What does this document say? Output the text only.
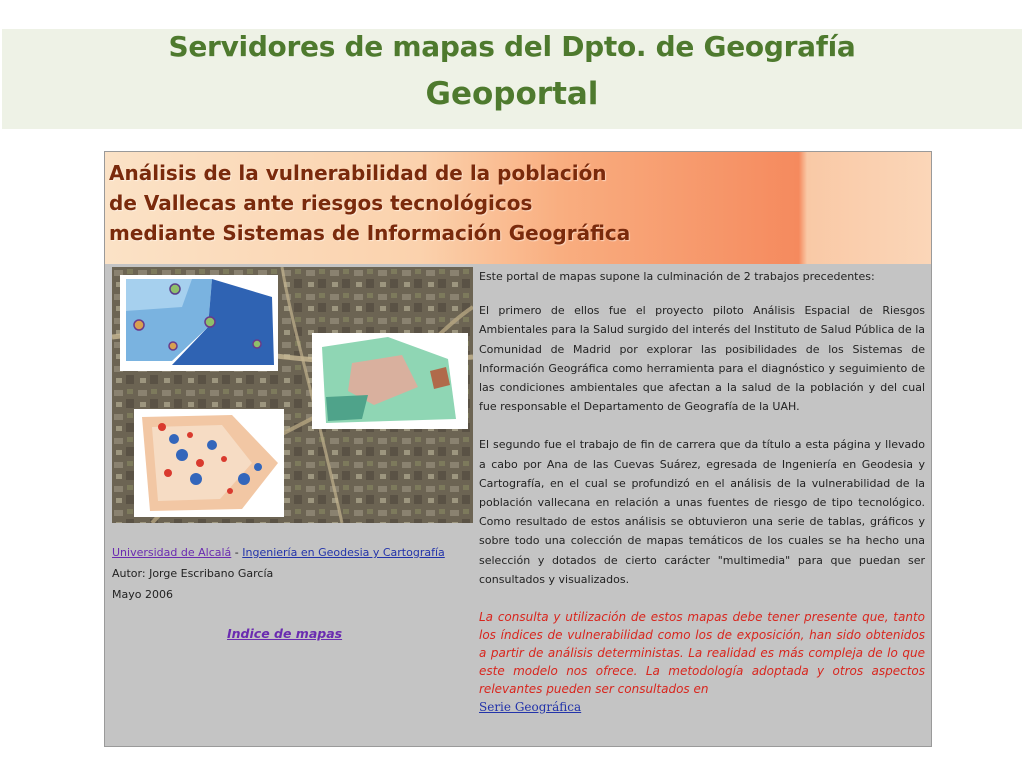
Servidores de mapas del Dpto. de Geografía
Geoportal
Análisis de la vulnerabilidad de la población
de Vallecas ante riesgos tecnológicos
mediante Sistemas de Información Geográfica
Universidad de Alcalá - Ingeniería en Geodesia y Cartografía
Autor: Jorge Escribano García
Mayo 2006
Indice de mapas

Este portal de mapas supone la culminación de 2 trabajos precedentes:

El primero de ellos fue el proyecto piloto Análisis Espacial de Riesgos Ambientales para la Salud surgido del interés del Instituto de Salud Pública de la Comunidad de Madrid por explorar las posibilidades de los Sistemas de Información Geográfica como herramienta para el diagnóstico y seguimiento de las condiciones ambientales que afectan a la salud de la población y del cual fue responsable el Departamento de Geografía de la UAH.

El segundo fue el trabajo de fin de carrera que da título a esta página y llevado a cabo por Ana de las Cuevas Suárez, egresada de Ingeniería en Geodesia y Cartografía, en el cual se profundizó en el análisis de la vulnerabilidad de la población vallecana en relación a unas fuentes de riesgo de tipo tecnológico. Como resultado de estos análisis se obtuvieron una serie de tablas, gráficos y sobre todo una colección de mapas temáticos de los cuales se ha hecho una selección y dotados de cierto carácter "multimedia" para que puedan ser consultados y visualizados.

La consulta y utilización de estos mapas debe tener presente que, tanto los índices de vulnerabilidad como los de exposición, han sido obtenidos a partir de análisis deterministas. La realidad es más compleja de lo que este modelo nos ofrece. La metodología adoptada y otros aspectos relevantes pueden ser consultados en
Serie Geográfica
